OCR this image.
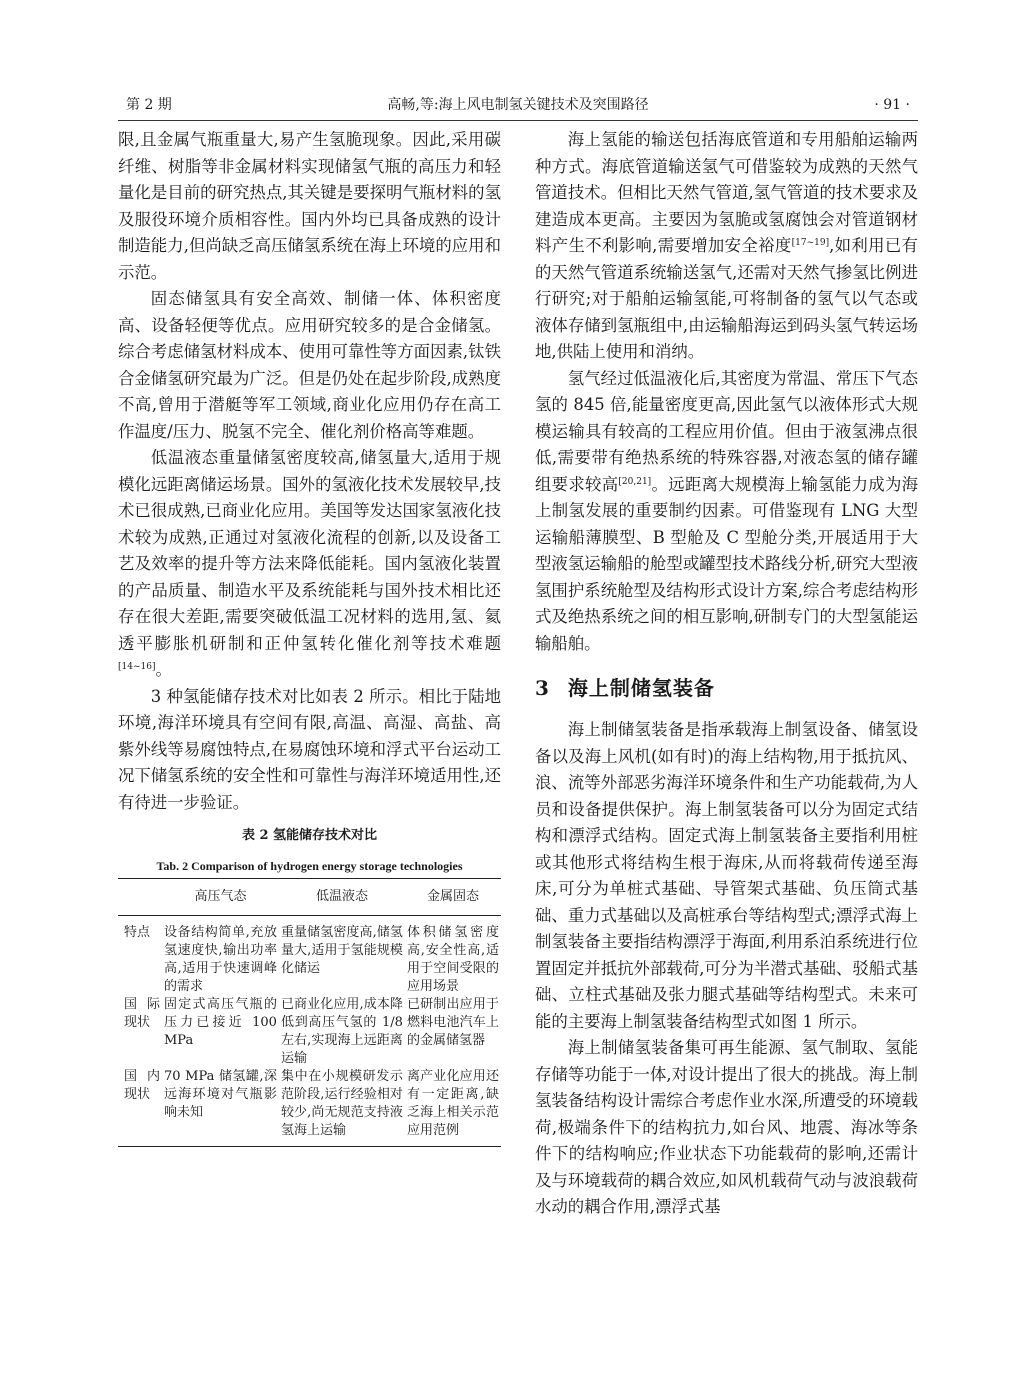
第 2 期	高畅,等:海上风电制氢关键技术及突围路径	· 91 ·

限,且金属气瓶重量大,易产生氢脆现象。因此,采用碳纤维、树脂等非金属材料实现储氢气瓶的高压力和轻量化是目前的研究热点,其关键是要探明气瓶材料的氢及服役环境介质相容性。国内外均已具备成熟的设计制造能力,但尚缺乏高压储氢系统在海上环境的应用和示范。

固态储氢具有安全高效、制储一体、体积密度高、设备轻便等优点。应用研究较多的是合金储氢。综合考虑储氢材料成本、使用可靠性等方面因素,钛铁合金储氢研究最为广泛。但是仍处在起步阶段,成熟度不高,曾用于潜艇等军工领域,商业化应用仍存在高工作温度/压力、脱氢不完全、催化剂价格高等难题。

低温液态重量储氢密度较高,储氢量大,适用于规模化远距离储运场景。国外的氢液化技术发展较早,技术已很成熟,已商业化应用。美国等发达国家氢液化技术较为成熟,正通过对氢液化流程的创新,以及设备工艺及效率的提升等方法来降低能耗。国内氢液化装置的产品质量、制造水平及系统能耗与国外技术相比还存在很大差距,需要突破低温工况材料的选用,氢、氦透平膨胀机研制和正仲氢转化催化剂等技术难题[14~16]。

3 种氢能储存技术对比如表 2 所示。相比于陆地环境,海洋环境具有空间有限,高温、高湿、高盐、高紫外线等易腐蚀特点,在易腐蚀环境和浮式平台运动工况下储氢系统的安全性和可靠性与海洋环境适用性,还有待进一步验证。

表 2 氢能储存技术对比
Tab. 2 Comparison of hydrogen energy storage technologies
	高压气态	低温液态	金属固态
特点	设备结构简单,充放氢速度快,输出功率高,适用于快速调峰的需求	重量储氢密度高,储氢量大,适用于氢能规模化储运	体积储氢密度高,安全性高,适用于空间受限的应用场景
国际现状	固定式高压气瓶的压力已接近 100 MPa	已商业化应用,成本降低到高压气氢的 1/8 左右,实现海上远距离运输	已研制出应用于燃料电池汽车上的金属储氢器
国内现状	70 MPa 储氢罐,深远海环境对气瓶影响未知	集中在小规模研发示范阶段,运行经验相对较少,尚无规范支持液氢海上运输	离产业化应用还有一定距离,缺乏海上相关示范应用范例

海上氢能的输送包括海底管道和专用船舶运输两种方式。海底管道输送氢气可借鉴较为成熟的天然气管道技术。但相比天然气管道,氢气管道的技术要求及建造成本更高。主要因为氢脆或氢腐蚀会对管道钢材料产生不利影响,需要增加安全裕度[17~19],如利用已有的天然气管道系统输送氢气,还需对天然气掺氢比例进行研究;对于船舶运输氢能,可将制备的氢气以气态或液体存储到氢瓶组中,由运输船海运到码头氢气转运场地,供陆上使用和消纳。

氢气经过低温液化后,其密度为常温、常压下气态氢的 845 倍,能量密度更高,因此氢气以液体形式大规模运输具有较高的工程应用价值。但由于液氢沸点很低,需要带有绝热系统的特殊容器,对液态氢的储存罐组要求较高[20,21]。远距离大规模海上输氢能力成为海上制氢发展的重要制约因素。可借鉴现有 LNG 大型运输船薄膜型、B 型舱及 C 型舱分类,开展适用于大型液氢运输船的舱型或罐型技术路线分析,研究大型液氢围护系统舱型及结构形式设计方案,综合考虑结构形式及绝热系统之间的相互影响,研制专门的大型氢能运输船舶。

3 海上制储氢装备

海上制储氢装备是指承载海上制氢设备、储氢设备以及海上风机(如有时)的海上结构物,用于抵抗风、浪、流等外部恶劣海洋环境条件和生产功能载荷,为人员和设备提供保护。海上制氢装备可以分为固定式结构和漂浮式结构。固定式海上制氢装备主要指利用桩或其他形式将结构生根于海床,从而将载荷传递至海床,可分为单桩式基础、导管架式基础、负压筒式基础、重力式基础以及高桩承台等结构型式;漂浮式海上制氢装备主要指结构漂浮于海面,利用系泊系统进行位置固定并抵抗外部载荷,可分为半潜式基础、驳船式基础、立柱式基础及张力腿式基础等结构型式。未来可能的主要海上制氢装备结构型式如图 1 所示。

海上制储氢装备集可再生能源、氢气制取、氢能存储等功能于一体,对设计提出了很大的挑战。海上制氢装备结构设计需综合考虑作业水深,所遭受的环境载荷,极端条件下的结构抗力,如台风、地震、海冰等条件下的结构响应;作业状态下功能载荷的影响,还需计及与环境载荷的耦合效应,如风机载荷气动与波浪载荷水动的耦合作用,漂浮式基
